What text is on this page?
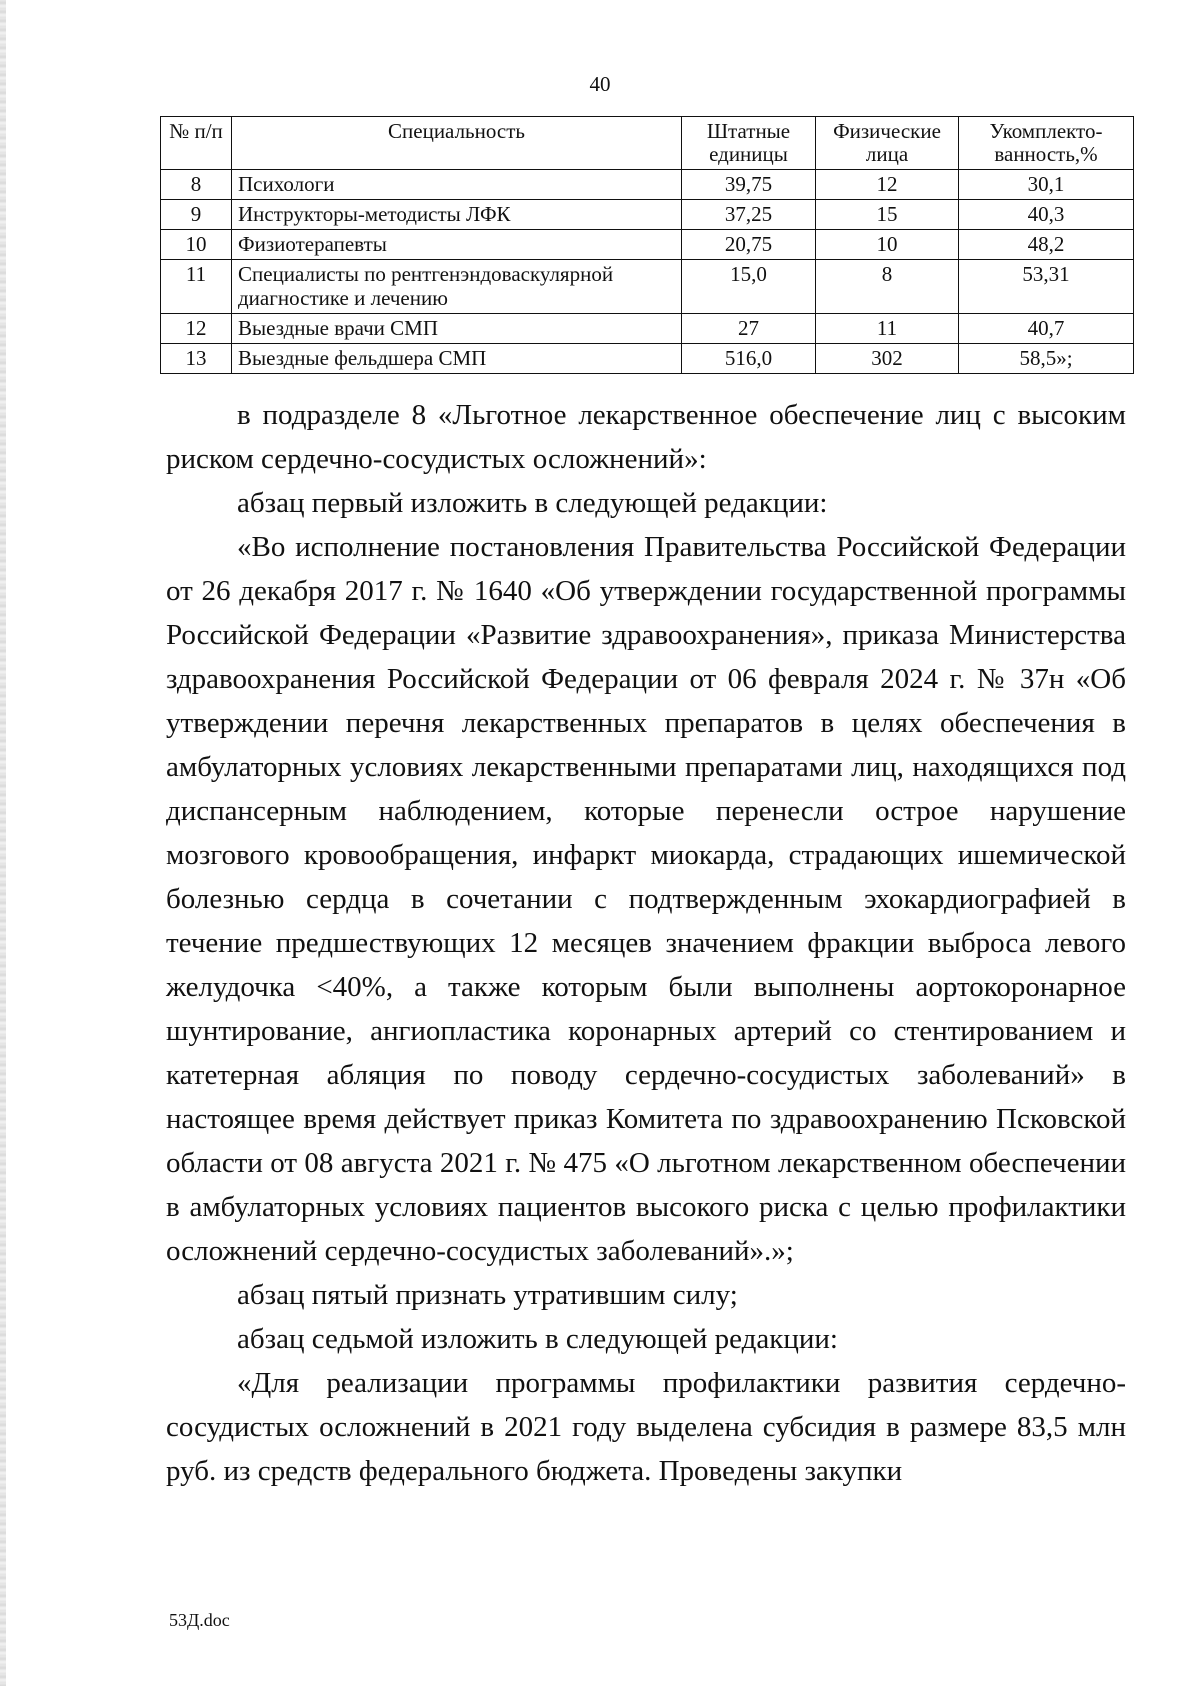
40
№ п/п	Специальность	Штатные единицы	Физические лица	Укомплекто-ванность,%
8	Психологи	39,75	12	30,1
9	Инструкторы-методисты ЛФК	37,25	15	40,3
10	Физиотерапевты	20,75	10	48,2
11	Специалисты по рентгенэндоваскулярной диагностике и лечению	15,0	8	53,31
12	Выездные врачи СМП	27	11	40,7
13	Выездные фельдшера СМП	516,0	302	58,5»;

в подразделе 8 «Льготное лекарственное обеспечение лиц с высоким риском сердечно-сосудистых осложнений»:

абзац первый изложить в следующей редакции:

«Во исполнение постановления Правительства Российской Федерации от 26 декабря 2017 г. № 1640 «Об утверждении государственной программы Российской Федерации «Развитие здравоохранения», приказа Министерства здравоохранения Российской Федерации от 06 февраля 2024 г. № 37н «Об утверждении перечня лекарственных препаратов в целях обеспечения в амбулаторных условиях лекарственными препаратами лиц, находящихся под диспансерным наблюдением, которые перенесли острое нарушение мозгового кровообращения, инфаркт миокарда, страдающих ишемической болезнью сердца в сочетании с подтвержденным эхокардиографией в течение предшествующих 12 месяцев значением фракции выброса левого желудочка <40%, а также которым были выполнены аортокоронарное шунтирование, ангиопластика коронарных артерий со стентированием и катетерная абляция по поводу сердечно-сосудистых заболеваний» в настоящее время действует приказ Комитета по здравоохранению Псковской области от 08 августа 2021 г. № 475 «О льготном лекарственном обеспечении в амбулаторных условиях пациентов высокого риска с целью профилактики осложнений сердечно-сосудистых заболеваний».»;

абзац пятый признать утратившим силу;

абзац седьмой изложить в следующей редакции:

«Для реализации программы профилактики развития сердечно-сосудистых осложнений в 2021 году выделена субсидия в размере 83,5 млн руб. из средств федерального бюджета. Проведены закупки

53Д.doc
